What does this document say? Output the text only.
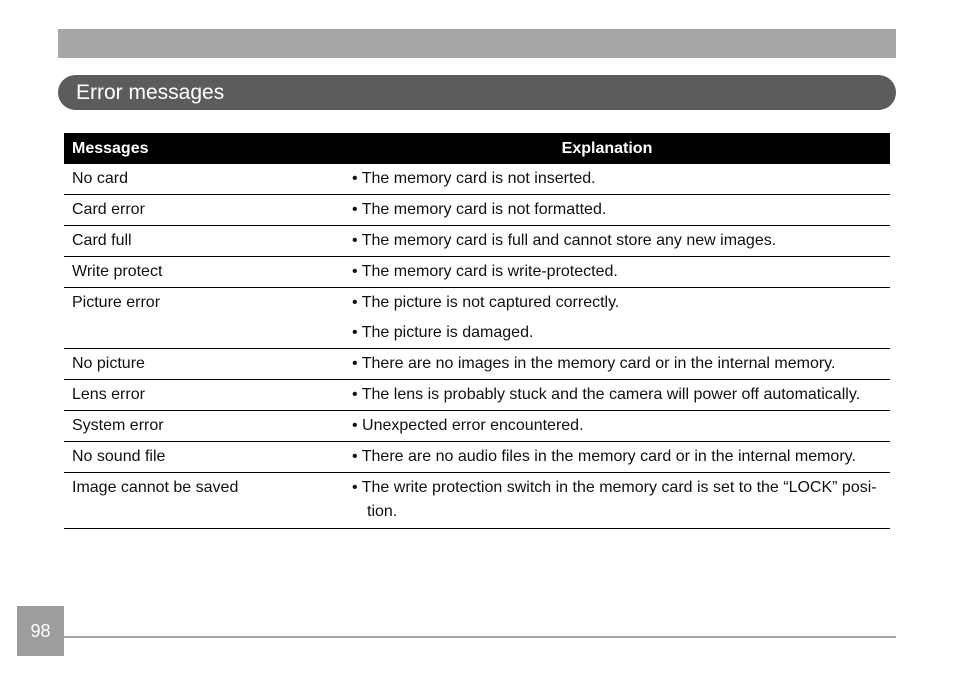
Error messages
Messages	Explanation
No card	• The memory card is not inserted.
Card error	• The memory card is not formatted.
Card full	• The memory card is full and cannot store any new images.
Write protect	• The memory card is write-protected.
Picture error	• The picture is not captured correctly.
• The picture is damaged.
No picture	• There are no images in the memory card or in the internal memory.
Lens error	• The lens is probably stuck and the camera will power off automatically.
System error	• Unexpected error encountered.
No sound file	• There are no audio files in the memory card or in the internal memory.
Image cannot be saved	• The write protection switch in the memory card is set to the “LOCK” posi-
tion.
98
